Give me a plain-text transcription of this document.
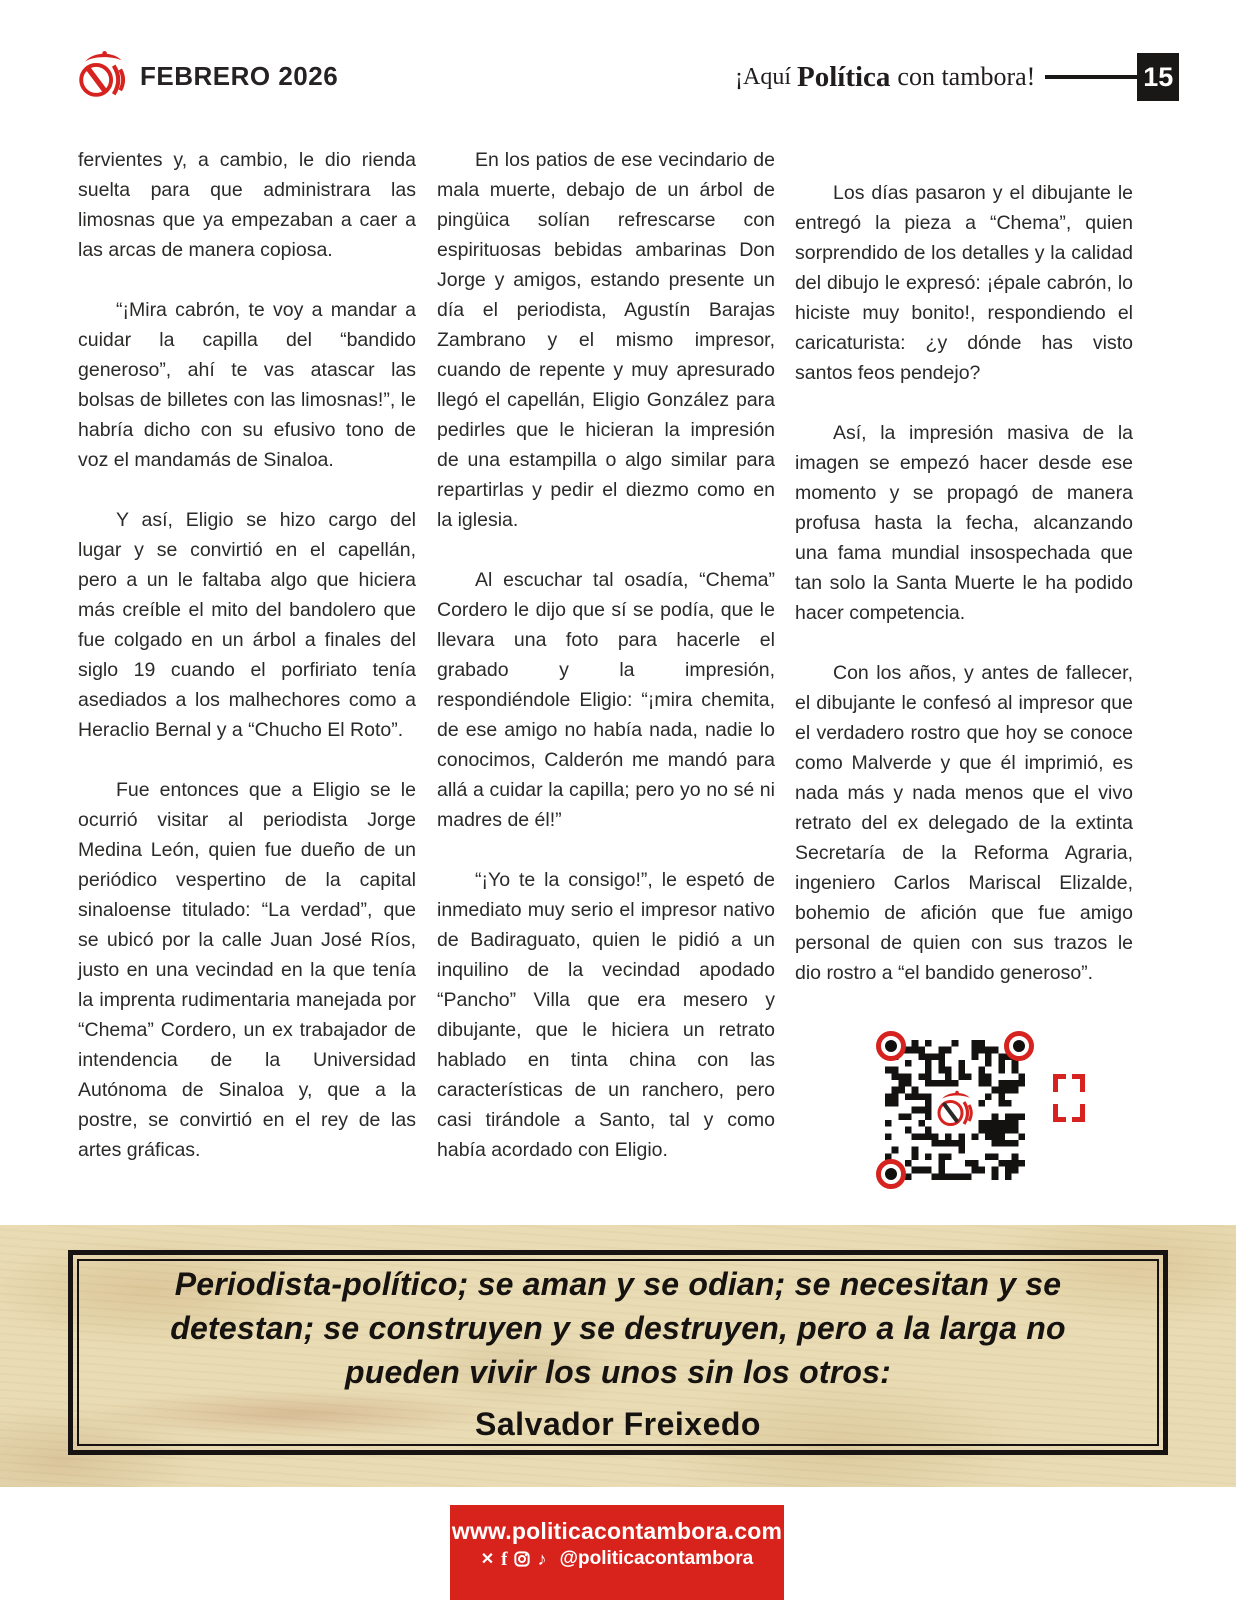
FEBRERO 2026	¡Aquí Política con tambora!	15

fervientes y, a cambio, le dio rienda suelta para que administrara las limosnas que ya empezaban a caer a las arcas de manera copiosa.

“¡Mira cabrón, te voy a mandar a cuidar la capilla del “bandido generoso”, ahí te vas atascar las bolsas de billetes con las limosnas!”, le habría dicho con su efusivo tono de voz el mandamás de Sinaloa.

Y así, Eligio se hizo cargo del lugar y se convirtió en el capellán, pero a un le faltaba algo que hiciera más creíble el mito del bandolero que fue colgado en un árbol a finales del siglo 19 cuando el porfiriato tenía asediados a los malhechores como a Heraclio Bernal y a “Chucho El Roto”.

Fue entonces que a Eligio se le ocurrió visitar al periodista Jorge Medina León, quien fue dueño de un periódico vespertino de la capital sinaloense titulado: “La verdad”, que se ubicó por la calle Juan José Ríos, justo en una vecindad en la que tenía la imprenta rudimentaria manejada por “Chema” Cordero, un ex trabajador de intendencia de la Universidad Autónoma de Sinaloa y, que a la postre, se convirtió en el rey de las artes gráficas.

En los patios de ese vecindario de mala muerte, debajo de un árbol de pingüica solían refrescarse con espirituosas bebidas ambarinas Don Jorge y amigos, estando presente un día el periodista, Agustín Barajas Zambrano y el mismo impresor, cuando de repente y muy apresurado llegó el capellán, Eligio González para pedirles que le hicieran la impresión de una estampilla o algo similar para repartirlas y pedir el diezmo como en la iglesia.

Al escuchar tal osadía, “Chema” Cordero le dijo que sí se podía, que le llevara una foto para hacerle el grabado y la impresión, respondiéndole Eligio: “¡mira chemita, de ese amigo no había nada, nadie lo conocimos, Calderón me mandó para allá a cuidar la capilla; pero yo no sé ni madres de él!”

“¡Yo te la consigo!”, le espetó de inmediato muy serio el impresor nativo de Badiraguato, quien le pidió a un inquilino de la vecindad apodado “Pancho” Villa que era mesero y dibujante, que le hiciera un retrato hablado en tinta china con las características de un ranchero, pero casi tirándole a Santo, tal y como había acordado con Eligio.

Los días pasaron y el dibujante le entregó la pieza a “Chema”, quien sorprendido de los detalles y la calidad del dibujo le expresó: ¡épale cabrón, lo hiciste muy bonito!, respondiendo el caricaturista: ¿y dónde has visto santos feos pendejo?

Así, la impresión masiva de la imagen se empezó hacer desde ese momento y se propagó de manera profusa hasta la fecha, alcanzando una fama mundial insospechada que tan solo la Santa Muerte le ha podido hacer competencia.

Con los años, y antes de fallecer, el dibujante le confesó al impresor que el verdadero rostro que hoy se conoce como Malverde y que él imprimió, es nada más y nada menos que el vivo retrato del ex delegado de la extinta Secretaría de la Reforma Agraria, ingeniero Carlos Mariscal Elizalde, bohemio de afición que fue amigo personal de quien con sus trazos le dio rostro a “el bandido generoso”.

Periodista-político; se aman y se odian; se necesitan y se detestan; se construyen y se destruyen, pero a la larga no pueden vivir los unos sin los otros:
Salvador Freixedo
www.politicacontambora.com
✕ f ♪ @politicacontambora
